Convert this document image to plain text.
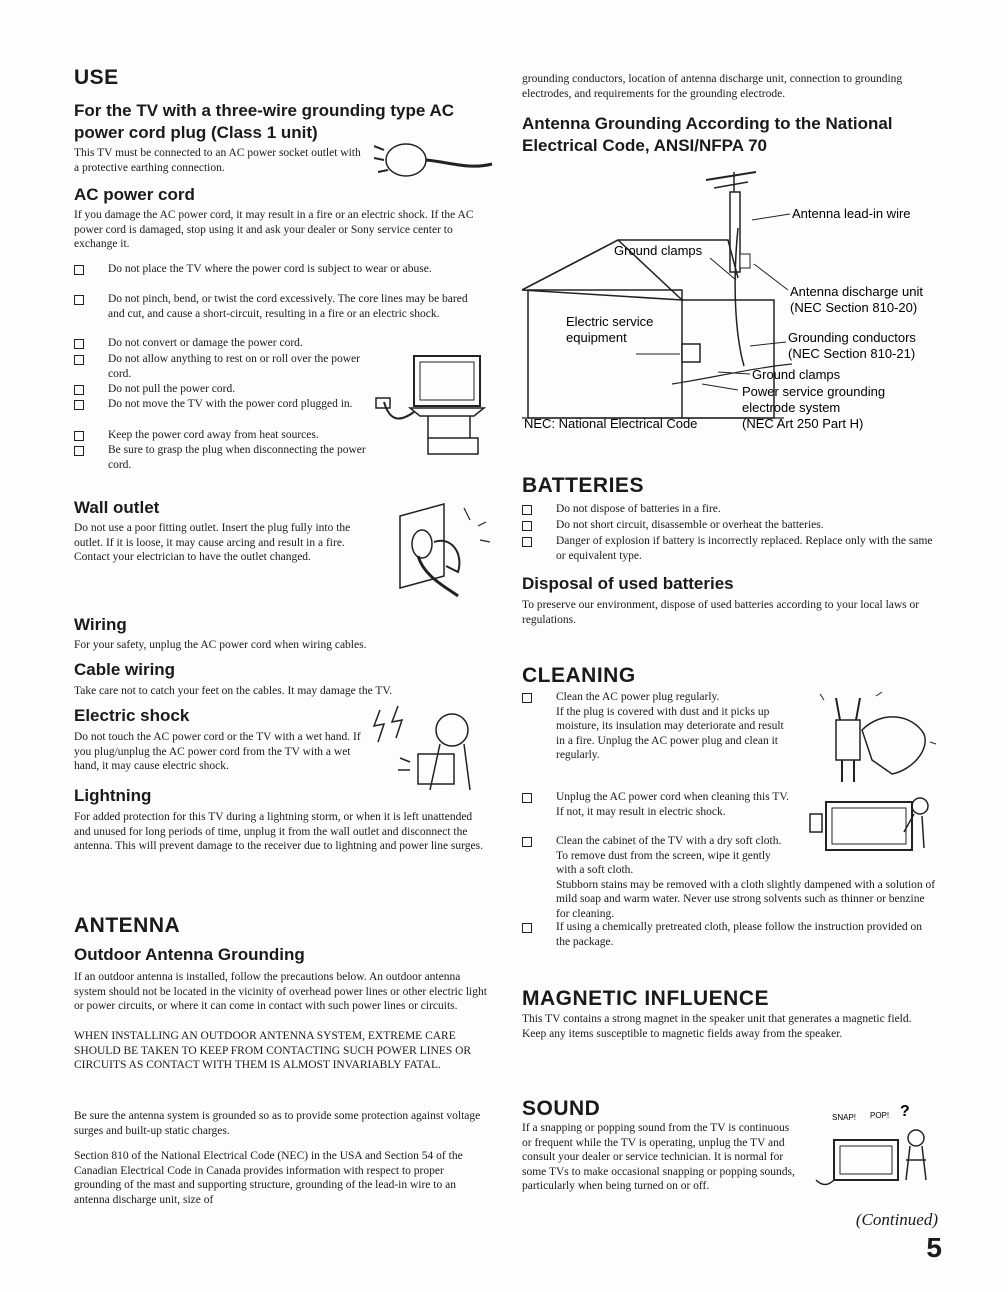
USE
For the TV with a three-wire grounding type AC power cord plug (Class 1 unit)

This TV must be connected to an AC power socket outlet with a protective earthing connection.

AC power cord

If you damage the AC power cord, it may result in a fire or an electric shock. If the AC power cord is damaged, stop using it and ask your dealer or Sony service center to exchange it.

Do not place the TV where the power cord is subject to wear or abuse.
Do not pinch, bend, or twist the cord excessively. The core lines may be bared and cut, and cause a short-circuit, resulting in a fire or an electric shock.
Do not convert or damage the power cord.
Do not allow anything to rest on or roll over the power cord.
Do not pull the power cord.
Do not move the TV with the power cord plugged in.
Keep the power cord away from heat sources.
Be sure to grasp the plug when disconnecting the power cord.
Wall outlet

Do not use a poor fitting outlet. Insert the plug fully into the outlet. If it is loose, it may cause arcing and result in a fire. Contact your electrician to have the outlet changed.

Wiring

For your safety, unplug the AC power cord when wiring cables.

Cable wiring

Take care not to catch your feet on the cables. It may damage the TV.

Electric shock

Do not touch the AC power cord or the TV with a wet hand. If you plug/unplug the AC power cord from the TV with a wet hand, it may cause electric shock.

Lightning

For added protection for this TV during a lightning storm, or when it is left unattended and unused for long periods of time, unplug it from the wall outlet and disconnect the antenna. This will prevent damage to the receiver due to lightning and power line surges.

ANTENNA
Outdoor Antenna Grounding

If an outdoor antenna is installed, follow the precautions below. An outdoor antenna system should not be located in the vicinity of overhead power lines or other electric light or power circuits, or where it can come in contact with such power lines or circuits.

WHEN INSTALLING AN OUTDOOR ANTENNA SYSTEM, EXTREME CARE SHOULD BE TAKEN TO KEEP FROM CONTACTING SUCH POWER LINES OR CIRCUITS AS CONTACT WITH THEM IS ALMOST INVARIABLY FATAL.

Be sure the antenna system is grounded so as to provide some protection against voltage surges and built-up static charges.

Section 810 of the National Electrical Code (NEC) in the USA and Section 54 of the Canadian Electrical Code in Canada provides information with respect to proper grounding of the mast and supporting structure, grounding of the lead-in wire to an antenna discharge unit, size of

grounding conductors, location of antenna discharge unit, connection to grounding electrodes, and requirements for the grounding electrode.

Antenna Grounding According to the National Electrical Code, ANSI/NFPA 70
Antenna lead-in wire
Ground clamps
Antenna discharge unit
(NEC Section 810-20)
Electric service
equipment	Grounding conductors
(NEC Section 810-21)
Ground clamps
Power service grounding
electrode system
NEC: National Electrical Code	(NEC Art 250 Part H)
BATTERIES
Do not dispose of batteries in a fire.
Do not short circuit, disassemble or overheat the batteries.
Danger of explosion if battery is incorrectly replaced. Replace only with the same or equivalent type.
Disposal of used batteries

To preserve our environment, dispose of used batteries according to your local laws or regulations.

CLEANING
Clean the AC power plug regularly.
If the plug is covered with dust and it picks up moisture, its insulation may deteriorate and result in a fire. Unplug the AC power plug and clean it regularly.
Unplug the AC power cord when cleaning this TV. If not, it may result in electric shock.
Clean the cabinet of the TV with a dry soft cloth. To remove dust from the screen, wipe it gently with a soft cloth.
Stubborn stains may be removed with a cloth slightly dampened with a solution of mild soap and warm water. Never use strong solvents such as thinner or benzine for cleaning.
If using a chemically pretreated cloth, please follow the instruction provided on the package.
MAGNETIC INFLUENCE

This TV contains a strong magnet in the speaker unit that generates a magnetic field. Keep any items susceptible to magnetic fields away from the speaker.

SOUND

If a snapping or popping sound from the TV is continuous or frequent while the TV is operating, unplug the TV and consult your dealer or service technician. It is normal for some TVs to make occasional snapping or popping sounds, particularly when being turned on or off.

SNAP! POP! ?
(Continued)
5
